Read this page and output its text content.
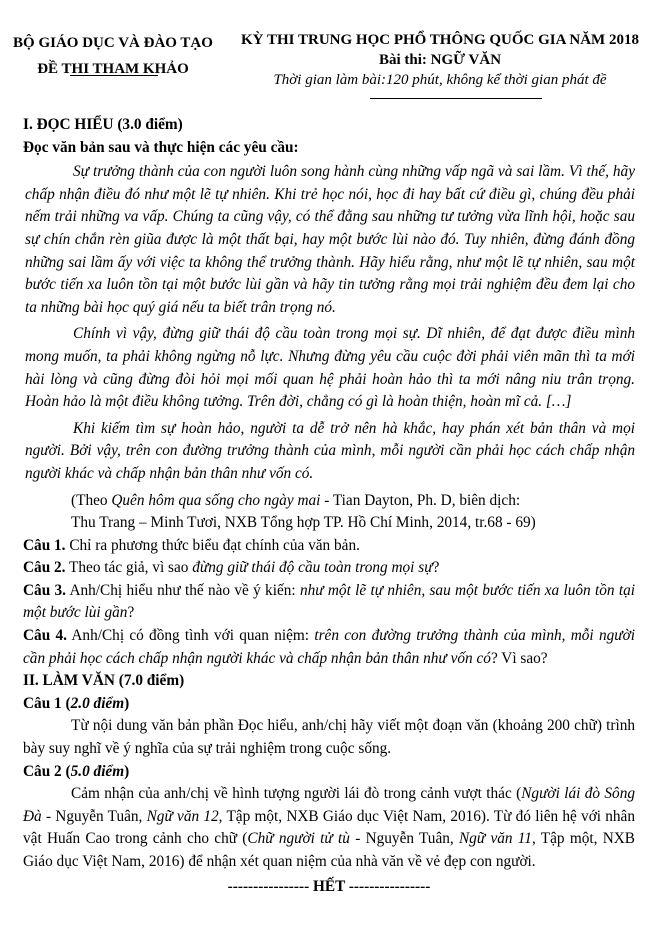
BỘ GIÁO DỤC VÀ ĐÀO TẠO
ĐỀ THI THAM KHẢO
KỲ THI TRUNG HỌC PHỔ THÔNG QUỐC GIA NĂM 2018
Bài thi: NGỮ VĂN
Thời gian làm bài:120 phút, không kể thời gian phát đề
I. ĐỌC HIỂU (3.0 điểm)
Đọc văn bản sau và thực hiện các yêu cầu:

Sự trưởng thành của con người luôn song hành cùng những vấp ngã và sai lầm. Vì thế, hãy chấp nhận điều đó như một lẽ tự nhiên. Khi trẻ học nói, học đi hay bất cứ điều gì, chúng đều phải nếm trải những va vấp. Chúng ta cũng vậy, có thể đằng sau những tư tưởng vừa lĩnh hội, hoặc sau sự chín chắn rèn giũa được là một thất bại, hay một bước lùi nào đó. Tuy nhiên, đừng đánh đồng những sai lầm ấy với việc ta không thể trưởng thành. Hãy hiểu rằng, như một lẽ tự nhiên, sau một bước tiến xa luôn tồn tại một bước lùi gần và hãy tin tưởng rằng mọi trải nghiệm đều đem lại cho ta những bài học quý giá nếu ta biết trân trọng nó.

Chính vì vậy, đừng giữ thái độ cầu toàn trong mọi sự. Dĩ nhiên, để đạt được điều mình mong muốn, ta phải không ngừng nỗ lực. Nhưng đừng yêu cầu cuộc đời phải viên mãn thì ta mới hài lòng và cũng đừng đòi hỏi mọi mối quan hệ phải hoàn hảo thì ta mới nâng niu trân trọng. Hoàn hảo là một điều không tưởng. Trên đời, chẳng có gì là hoàn thiện, hoàn mĩ cả. […]

Khi kiếm tìm sự hoàn hảo, người ta dễ trở nên hà khắc, hay phán xét bản thân và mọi người. Bởi vậy, trên con đường trưởng thành của mình, mỗi người cần phải học cách chấp nhận người khác và chấp nhận bản thân như vốn có.

(Theo Quên hôm qua sống cho ngày mai - Tian Dayton, Ph. D, biên dịch:
Thu Trang – Minh Tươi, NXB Tổng hợp TP. Hồ Chí Minh, 2014, tr.68 - 69)

Câu 1. Chỉ ra phương thức biểu đạt chính của văn bản.

Câu 2. Theo tác giả, vì sao đừng giữ thái độ cầu toàn trong mọi sự?

Câu 3. Anh/Chị hiểu như thế nào về ý kiến: như một lẽ tự nhiên, sau một bước tiến xa luôn tồn tại một bước lùi gần?

Câu 4. Anh/Chị có đồng tình với quan niệm: trên con đường trưởng thành của mình, mỗi người cần phải học cách chấp nhận người khác và chấp nhận bản thân như vốn có? Vì sao?

II. LÀM VĂN (7.0 điểm)
Câu 1 (2.0 điểm)

Từ nội dung văn bản phần Đọc hiểu, anh/chị hãy viết một đoạn văn (khoảng 200 chữ) trình bày suy nghĩ về ý nghĩa của sự trải nghiệm trong cuộc sống.

Câu 2 (5.0 điểm)

Cảm nhận của anh/chị về hình tượng người lái đò trong cảnh vượt thác (Người lái đò Sông Đà - Nguyễn Tuân, Ngữ văn 12, Tập một, NXB Giáo dục Việt Nam, 2016). Từ đó liên hệ với nhân vật Huấn Cao trong cảnh cho chữ (Chữ người tử tù - Nguyễn Tuân, Ngữ văn 11, Tập một, NXB Giáo dục Việt Nam, 2016) để nhận xét quan niệm của nhà văn về vẻ đẹp con người.

---------------- HẾT ----------------
